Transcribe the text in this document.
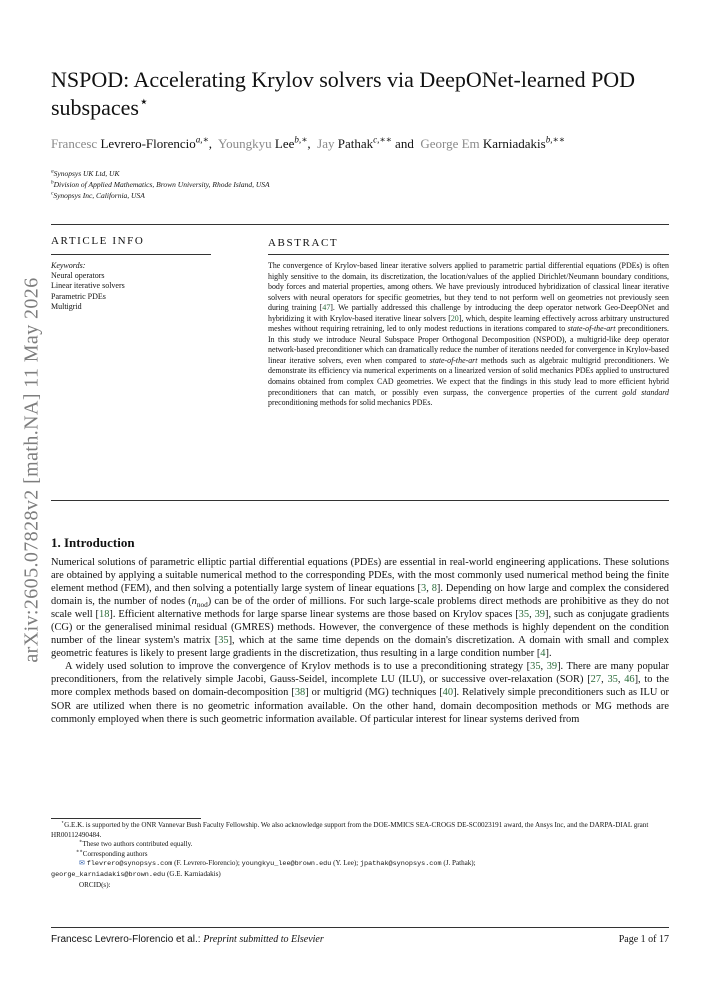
arXiv:2605.07828v2 [math.NA] 11 May 2026
NSPOD: Accelerating Krylov solvers via DeepONet-learned POD subspaces⋆
Francesc Levrero-Florencio$^{a,∗}$, Youngkyu Lee$^{b,∗}$, Jay Pathak$^{c,∗∗}$ and George Em Karniadakis$^{b,∗∗}$
$^a$Synopsys UK Ltd, UK
$^b$Division of Applied Mathematics, Brown University, Rhode Island, USA
$^c$Synopsys Inc, California, USA
ARTICLE INFO	ABSTRACT
Keywords:
Neural operators
Linear iterative solvers
Parametric PDEs
Multigrid
The convergence of Krylov-based linear iterative solvers applied to parametric partial differential equations (PDEs) is often highly sensitive to the domain, its discretization, the location/values of the applied Dirichlet/Neumann boundary conditions, body forces and material properties, among others. We have previously introduced hybridization of classical linear iterative solvers with neural operators for specific geometries, but they tend to not perform well on geometries not previously seen during training [47]. We partially addressed this challenge by introducing the deep operator network Geo-DeepONet and hybridizing it with Krylov-based iterative linear solvers [20], which, despite learning effectively across arbitrary unstructured meshes without requiring retraining, led to only modest reductions in iterations compared to state-of-the-art preconditioners. In this study we introduce Neural Subspace Proper Orthogonal Decomposition (NSPOD), a multigrid-like deep operator network-based preconditioner which can dramatically reduce the number of iterations needed for convergence in Krylov-based linear iterative solvers, even when compared to state-of-the-art methods such as algebraic multigrid preconditioners. We demonstrate its efficiency via numerical experiments on a linearized version of solid mechanics PDEs applied to unstructured domains obtained from complex CAD geometries. We expect that the findings in this study lead to more efficient hybrid preconditioners that can match, or possibly even surpass, the convergence properties of the current gold standard preconditioning methods for solid mechanics PDEs.
1. Introduction

Numerical solutions of parametric elliptic partial differential equations (PDEs) are essential in real-world engineering applications. These solutions are obtained by applying a suitable numerical method to the corresponding PDEs, with the most commonly used numerical method being the finite element method (FEM), and then solving a potentially large system of linear equations [3, 8]. Depending on how large and complex the considered domain is, the number of nodes $(n_{nod})$ can be of the order of millions. For such large-scale problems direct methods are prohibitive as they do not scale well [18]. Efficient alternative methods for large sparse linear systems are those based on Krylov spaces [35, 39], such as conjugate gradients (CG) or the generalised minimal residual (GMRES) methods. However, the convergence of these methods is highly dependent on the condition number of the linear system's matrix [35], which at the same time depends on the domain's discretization. A domain with small and complex geometric features is likely to present large gradients in the discretization, thus resulting in a large condition number [4].

A widely used solution to improve the convergence of Krylov methods is to use a preconditioning strategy [35, 39]. There are many popular preconditioners, from the relatively simple Jacobi, Gauss-Seidel, incomplete LU (ILU), or successive over-relaxation (SOR) [27, 35, 46], to the more complex methods based on domain-decomposition [38] or multigrid (MG) techniques [40]. Relatively simple preconditioners such as ILU or SOR are utilized when there is no geometric information available. On the other hand, domain decomposition methods or MG methods are commonly employed when there is such geometric information available. Of particular interest for linear systems derived from

⋆G.E.K. is supported by the ONR Vannevar Bush Faculty Fellowship. We also acknowledge support from the DOE-MMICS SEA-CROGS DE-SC0023191 award, the Ansys Inc, and the DARPA-DIAL grant HR00112490484.
∗These two authors contributed equally.
∗∗Corresponding authors
✉ flevrero@synopsys.com (F. Levrero-Florencio); youngkyu_lee@brown.edu (Y. Lee); jpathak@synopsys.com (J. Pathak);
george_karniadakis@brown.edu (G.E. Karniadakis)
ORCID(s):
Francesc Levrero-Florencio et al.: Preprint submitted to Elsevier	Page 1 of 17
